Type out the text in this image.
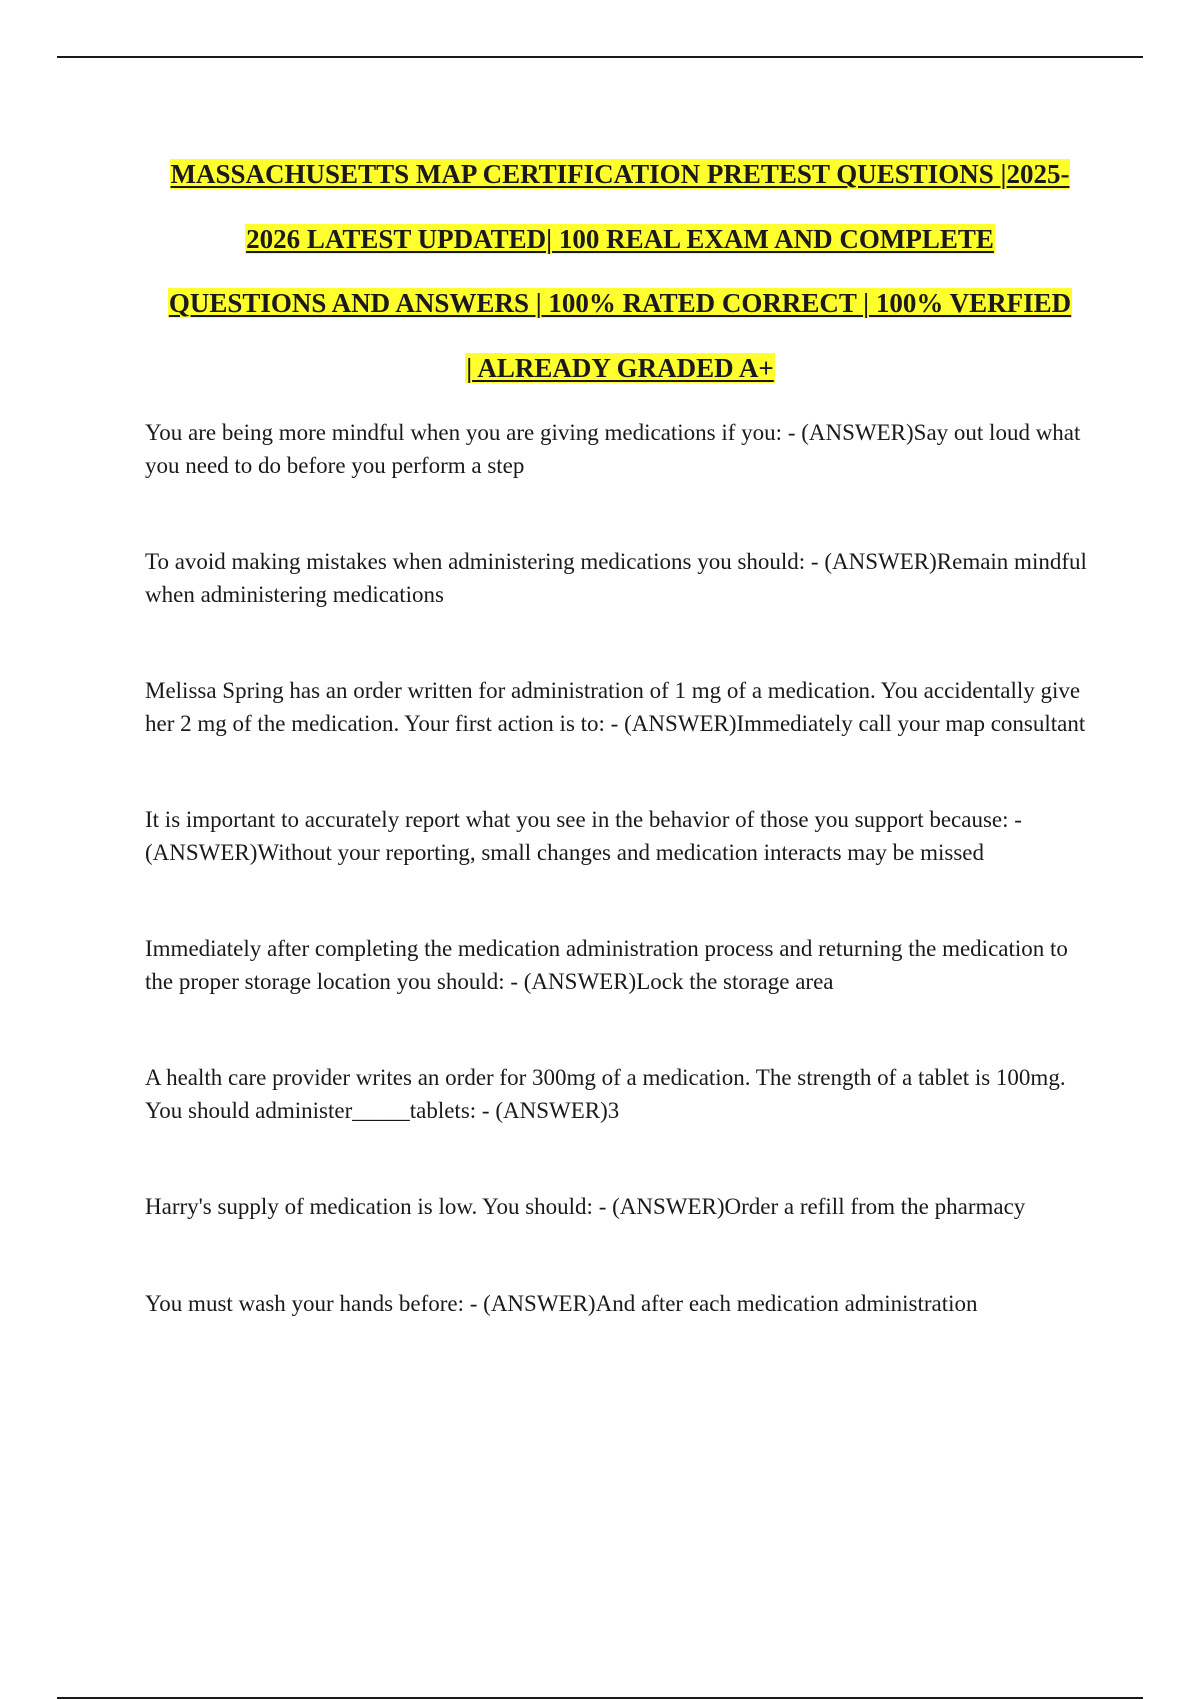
MASSACHUSETTS MAP CERTIFICATION PRETEST QUESTIONS |2025-
2026 LATEST UPDATED| 100 REAL EXAM AND COMPLETE
QUESTIONS AND ANSWERS | 100% RATED CORRECT | 100% VERFIED
| ALREADY GRADED A+
You are being more mindful when you are giving medications if you: - (ANSWER)Say out loud what you need to do before you perform a step
To avoid making mistakes when administering medications you should: - (ANSWER)Remain mindful when administering medications
Melissa Spring has an order written for administration of 1 mg of a medication. You accidentally give her 2 mg of the medication. Your first action is to: - (ANSWER)Immediately call your map consultant
It is important to accurately report what you see in the behavior of those you support because: - (ANSWER)Without your reporting, small changes and medication interacts may be missed
Immediately after completing the medication administration process and returning the medication to the proper storage location you should: - (ANSWER)Lock the storage area
A health care provider writes an order for 300mg of a medication. The strength of a tablet is 100mg. You should administer_____tablets: - (ANSWER)3
Harry's supply of medication is low. You should: - (ANSWER)Order a refill from the pharmacy
You must wash your hands before: - (ANSWER)And after each medication administration
